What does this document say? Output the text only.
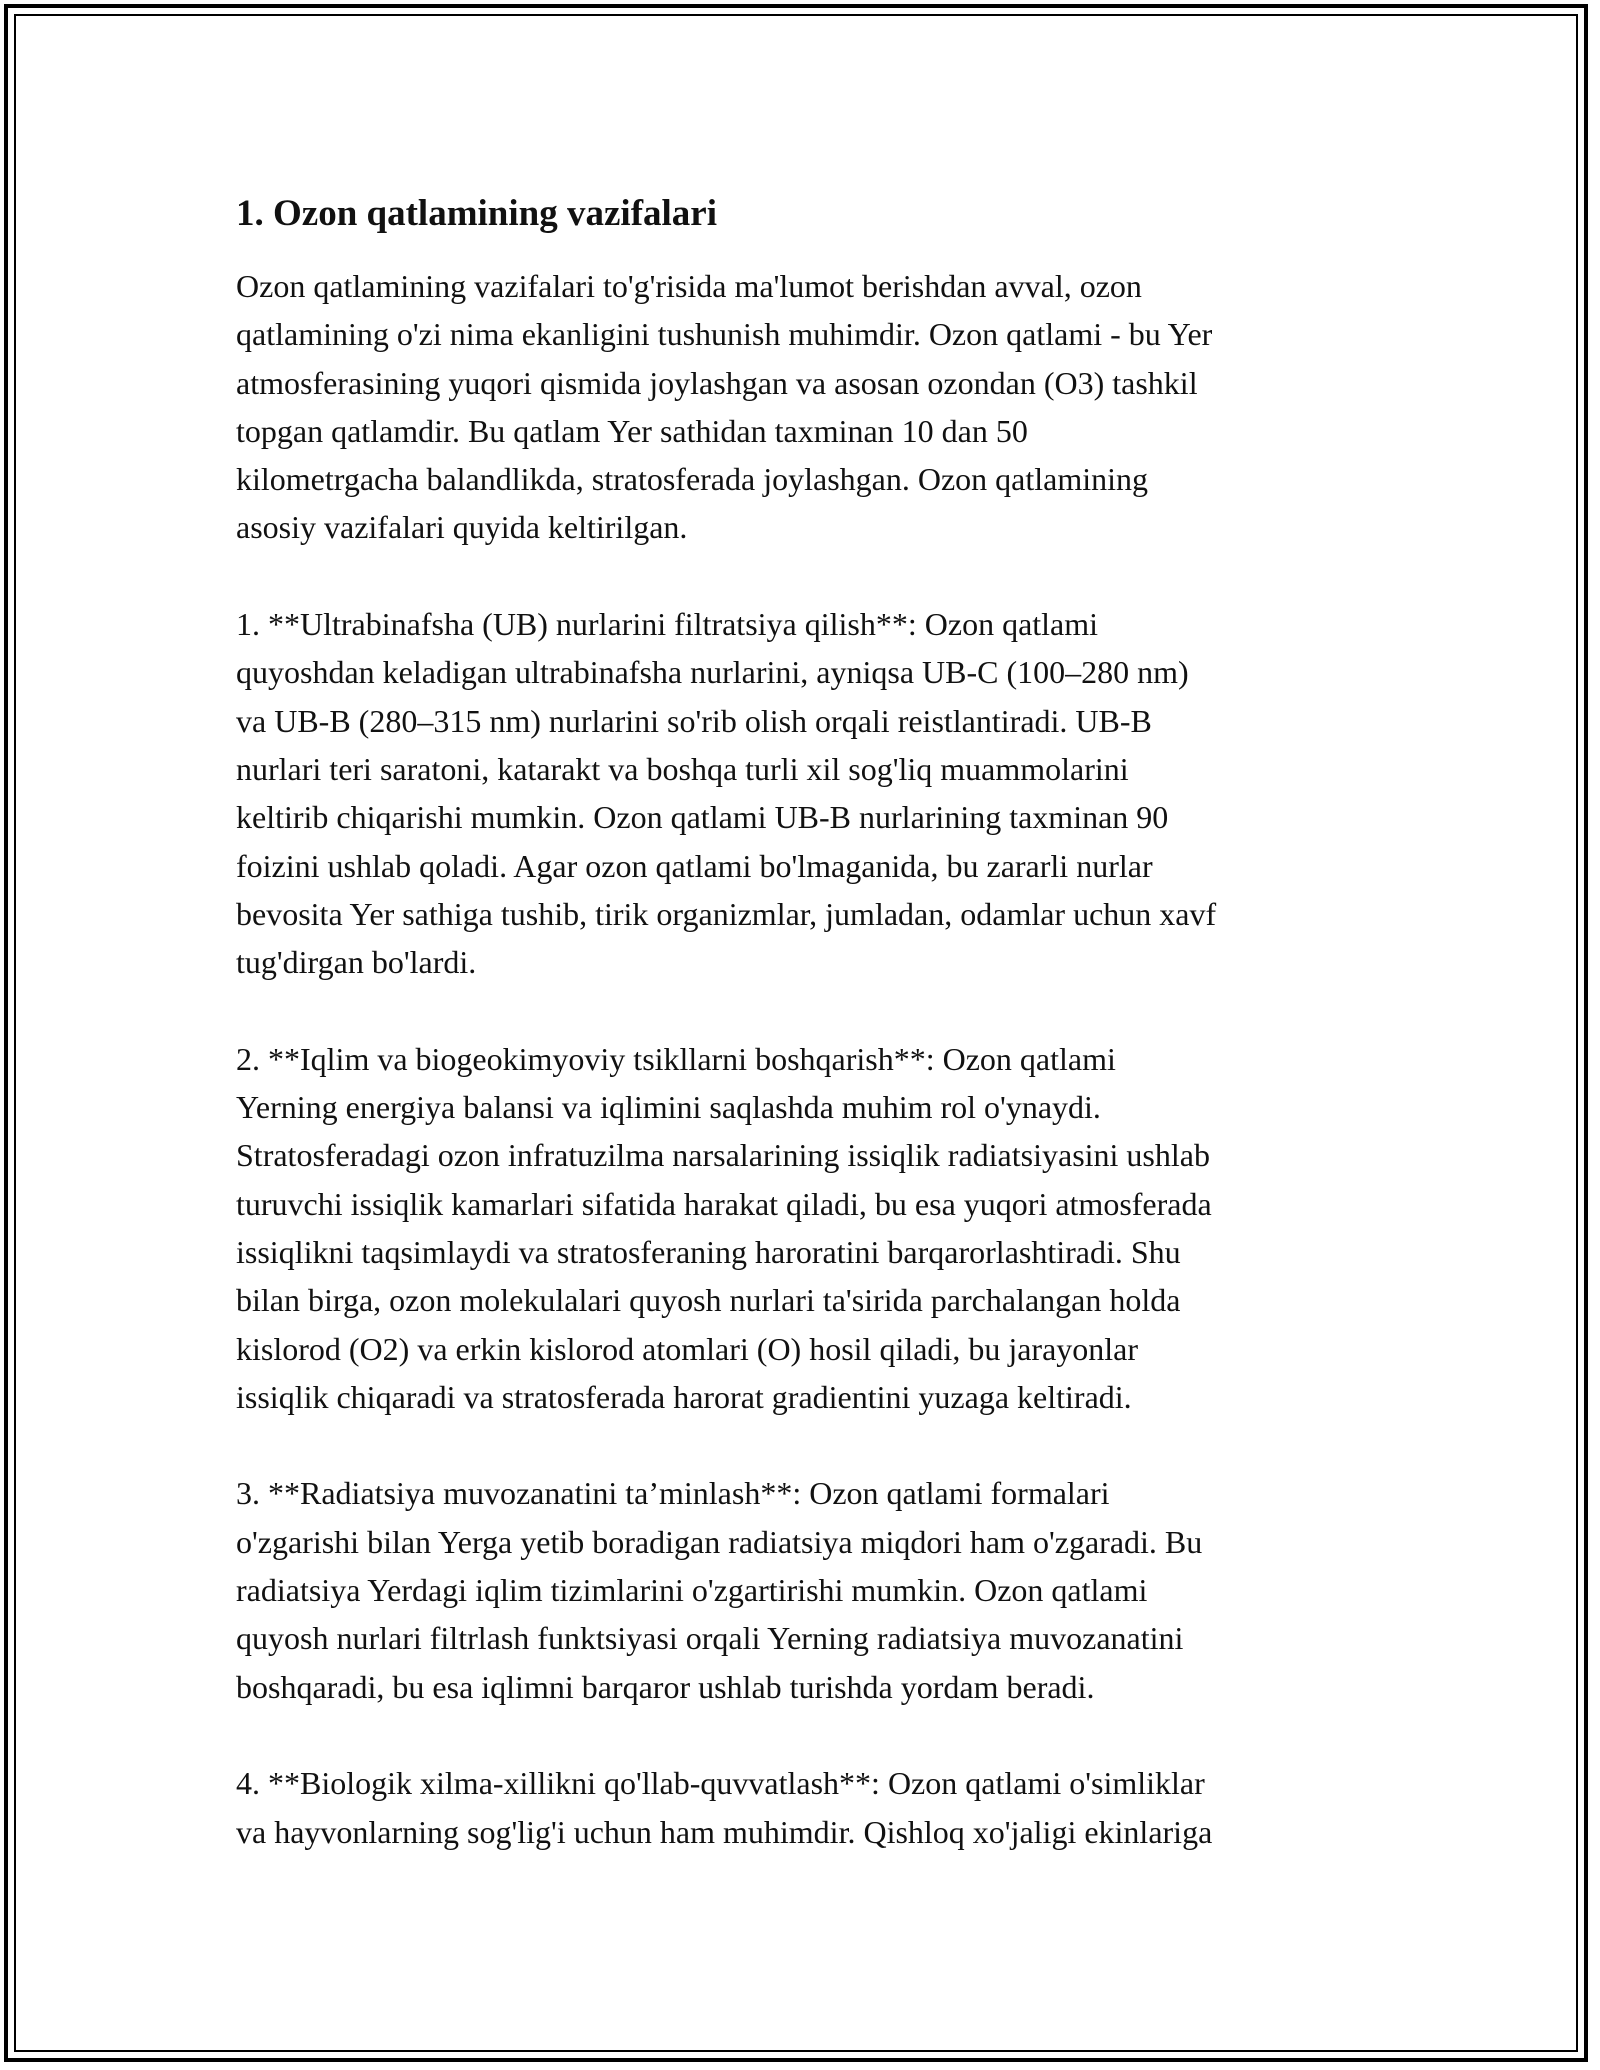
1. Ozon qatlamining vazifalari

Ozon qatlamining vazifalari to'g'risida ma'lumot berishdan avval, ozon
qatlamining o'zi nima ekanligini tushunish muhimdir. Ozon qatlami - bu Yer
atmosferasining yuqori qismida joylashgan va asosan ozondan (O3) tashkil
topgan qatlamdir. Bu qatlam Yer sathidan taxminan 10 dan 50
kilometrgacha balandlikda, stratosferada joylashgan. Ozon qatlamining
asosiy vazifalari quyida keltirilgan.

1. **Ultrabinafsha (UB) nurlarini filtratsiya qilish**: Ozon qatlami
quyoshdan keladigan ultrabinafsha nurlarini, ayniqsa UB-C (100–280 nm)
va UB-B (280–315 nm) nurlarini so'rib olish orqali reistlantiradi. UB-B
nurlari teri saratoni, katarakt va boshqa turli xil sog'liq muammolarini
keltirib chiqarishi mumkin. Ozon qatlami UB-B nurlarining taxminan 90
foizini ushlab qoladi. Agar ozon qatlami bo'lmaganida, bu zararli nurlar
bevosita Yer sathiga tushib, tirik organizmlar, jumladan, odamlar uchun xavf
tug'dirgan bo'lardi.

2. **Iqlim va biogeokimyoviy tsikllarni boshqarish**: Ozon qatlami
Yerning energiya balansi va iqlimini saqlashda muhim rol o'ynaydi.
Stratosferadagi ozon infratuzilma narsalarining issiqlik radiatsiyasini ushlab
turuvchi issiqlik kamarlari sifatida harakat qiladi, bu esa yuqori atmosferada
issiqlikni taqsimlaydi va stratosferaning haroratini barqarorlashtiradi. Shu
bilan birga, ozon molekulalari quyosh nurlari ta'sirida parchalangan holda
kislorod (O2) va erkin kislorod atomlari (O) hosil qiladi, bu jarayonlar
issiqlik chiqaradi va stratosferada harorat gradientini yuzaga keltiradi.

3. **Radiatsiya muvozanatini ta’minlash**: Ozon qatlami formalari
o'zgarishi bilan Yerga yetib boradigan radiatsiya miqdori ham o'zgaradi. Bu
radiatsiya Yerdagi iqlim tizimlarini o'zgartirishi mumkin. Ozon qatlami
quyosh nurlari filtrlash funktsiyasi orqali Yerning radiatsiya muvozanatini
boshqaradi, bu esa iqlimni barqaror ushlab turishda yordam beradi.

4. **Biologik xilma-xillikni qo'llab-quvvatlash**: Ozon qatlami o'simliklar
va hayvonlarning sog'lig'i uchun ham muhimdir. Qishloq xo'jaligi ekinlariga
